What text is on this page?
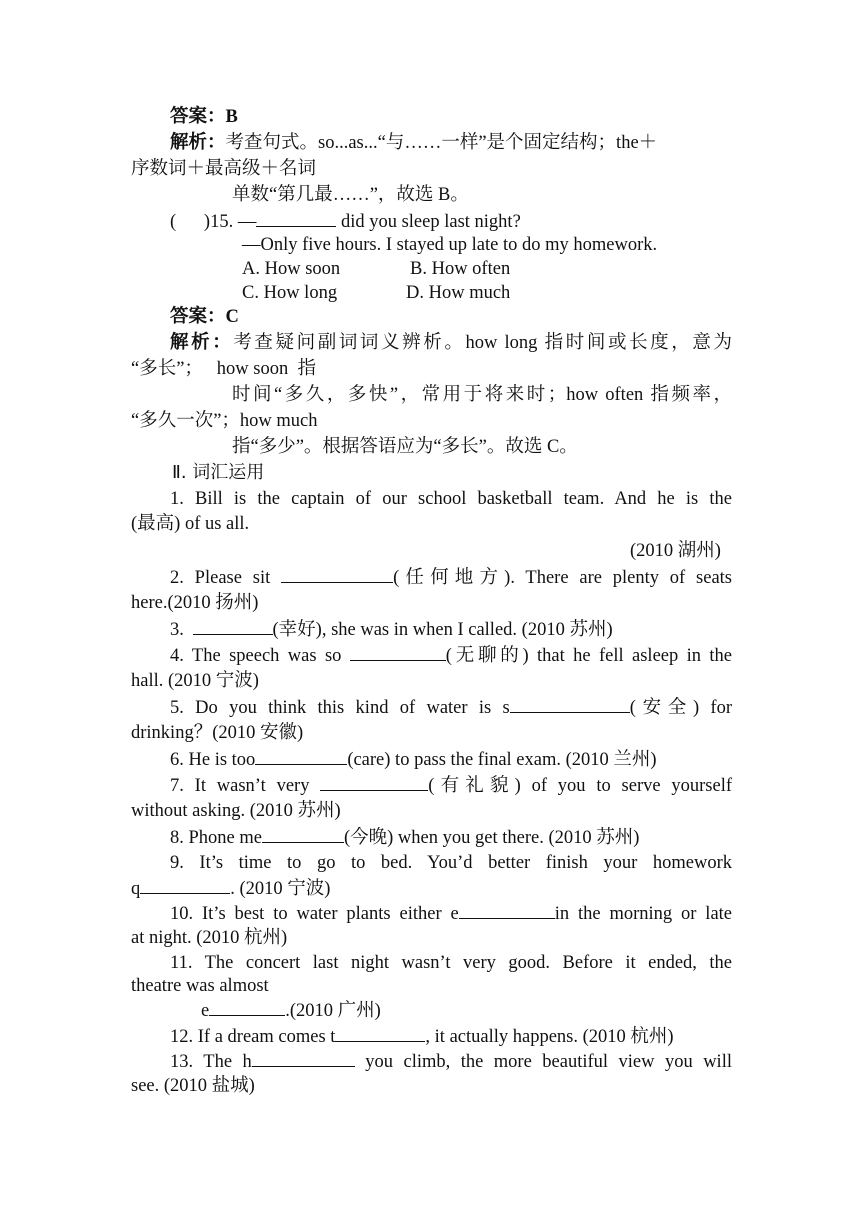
答案：B
解析：考查句式。so...as...“与……一样”是个固定结构；the＋
序数词＋最高级＋名词
单数“第几最……”，故选 B。
(      )15. —	did you sleep last night?
—Only five hours. I stayed up late to do my homework.
A. How soon	B. How often
C. How long	D. How much
答案：C
解析：考查疑问副词词义辨析。how long 指时间或长度，意为
“多长”；   how soon  指
时间“多久，多快”，常用于将来时；how often 指频率，
“多久一次”；how much
指“多少”。根据答语应为“多长”。故选 C。
Ⅱ. 词汇运用
1. Bill is the captain of our school basketball team. And he is the
(最高) of us all.
(2010 湖州)
2. Please sit	(任何地方). There are plenty of seats
here.(2010 扬州)
3.	(幸好), she was in when I called. (2010 苏州)
4. The speech was so	(无聊的) that he fell asleep in the
hall. (2010 宁波)
5. Do you think this kind of water is s	(安全) for
drinking？(2010 安徽)
6. He is too	(care) to pass the final exam. (2010 兰州)
7. It wasn’t very	(有礼貌) of you to serve yourself
without asking. (2010 苏州)
8. Phone me	(今晚) when you get there. (2010 苏州)
9. It’s time to go to bed. You’d better finish your homework
q	. (2010 宁波)
10. It’s best to water plants either e	in the morning or late
at night. (2010 杭州)
11. The concert last night wasn’t very good. Before it ended, the
theatre was almost
e	.(2010 广州)
12. If a dream comes t	, it actually happens. (2010 杭州)
13. The h	you climb, the more beautiful view you will
see. (2010 盐城)
